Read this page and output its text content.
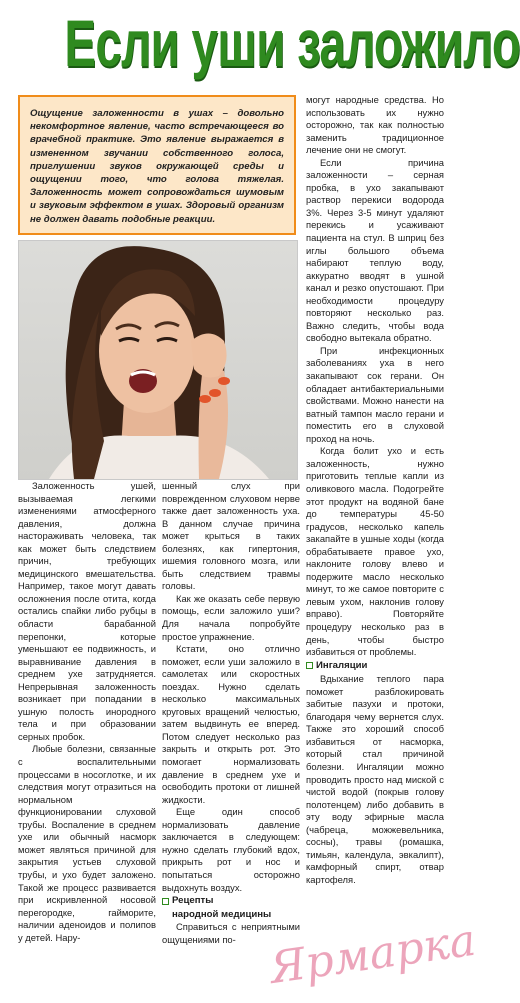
Если уши заложило
Ощущение заложенности в ушах – довольно некомфортное явление, часто встречающееся во врачебной практике. Это явление выражается в измененном звучании собственного голоса, приглушении звуков окружающей среды и ощущении того, что голова тяжелая. Заложенность может сопровождаться шумовым и звуковым эффектом в ушах. Здоровый организм не должен давать подобные реакции.

могут народные средства. Но использовать их нужно осторожно, так как полностью заменить традиционное лечение они не смогут.

Если причина заложенности – серная пробка, в ухо закапывают раствор перекиси водорода 3%. Через 3-5 минут удаляют перекись и усаживают пациента на стул. В шприц без иглы большого объема набирают теплую воду, аккуратно вводят в ушной канал и резко опустошают. При необходимости процедуру повторяют несколько раз. Важно следить, чтобы вода свободно вытекала обратно.

При инфекционных заболеваниях уха в него закапывают сок герани. Он обладает антибактериальными свойствами. Можно нанести на ватный тампон масло герани и поместить его в слуховой проход на ночь.

Когда болит ухо и есть заложенность, нужно приготовить теплые капли из оливкового масла. Подогрейте этот продукт на водяной бане до температуры 45-50 градусов, несколько капель закапайте в ушные ходы (когда обрабатываете правое ухо, наклоните голову влево и подержите масло несколько минут, то же самое повторите с левым ухом, наклонив голову вправо). Повторяйте процедуру несколько раз в день, чтобы быстро избавиться от проблемы.

Ингаляции

Вдыхание теплого пара поможет разблокировать забитые пазухи и протоки, благодаря чему вернется слух. Также это хороший способ избавиться от насморка, который стал причиной болезни. Ингаляции можно проводить просто над миской с чистой водой (покрыв голову полотенцем) либо добавить в эту воду эфирные масла (чабреца, можжевельника, сосны), травы (ромашка, тимьян, календула, эвкалипт), камфорный спирт, отвар картофеля.

Заложенность ушей, вызываемая легкими изменениями атмосферного давления, должна настораживать человека, так как может быть следствием причин, требующих медицинского вмешательства. Например, такое могут давать осложнения после отита, когда остались спайки либо рубцы в области барабанной перепонки, которые уменьшают ее подвижность, и выравнивание давления в среднем ухе затрудняется. Непрерывная заложенность возникает при попадании в ушную полость инородного тела и при образовании серных пробок.

Любые болезни, связанные с воспалительными процессами в носоглотке, и их следствия могут отразиться на нормальном функционировании слуховой трубы. Воспаление в среднем ухе или обычный насморк может являться причиной для закрытия устьев слуховой трубы, и ухо будет заложено. Такой же процесс развивается при искривленной носовой перегородке, гайморите, наличии аденоидов и полипов у детей. Нару-

шенный слух при поврежденном слуховом нерве также дает заложенность уха. В данном случае причина может крыться в таких болезнях, как гипертония, ишемия головного мозга, или быть следствием травмы головы.

Как же оказать себе первую помощь, если заложило уши? Для начала попробуйте простое упражнение.

Кстати, оно отлично поможет, если уши заложило в самолетах или скоростных поездах. Нужно сделать несколько максимальных круговых вращений челюстью, затем выдвинуть ее вперед. Потом следует несколько раз закрыть и открыть рот. Это помогает нормализовать давление в среднем ухе и освободить протоки от лишней жидкости.

Еще один способ нормализовать давление заключается в следующем: нужно сделать глубокий вдох, прикрыть рот и нос и попытаться осторожно выдохнуть воздух.

Рецепты

народной медицины

Справиться с неприятными ощущениями по- Ярмарка
